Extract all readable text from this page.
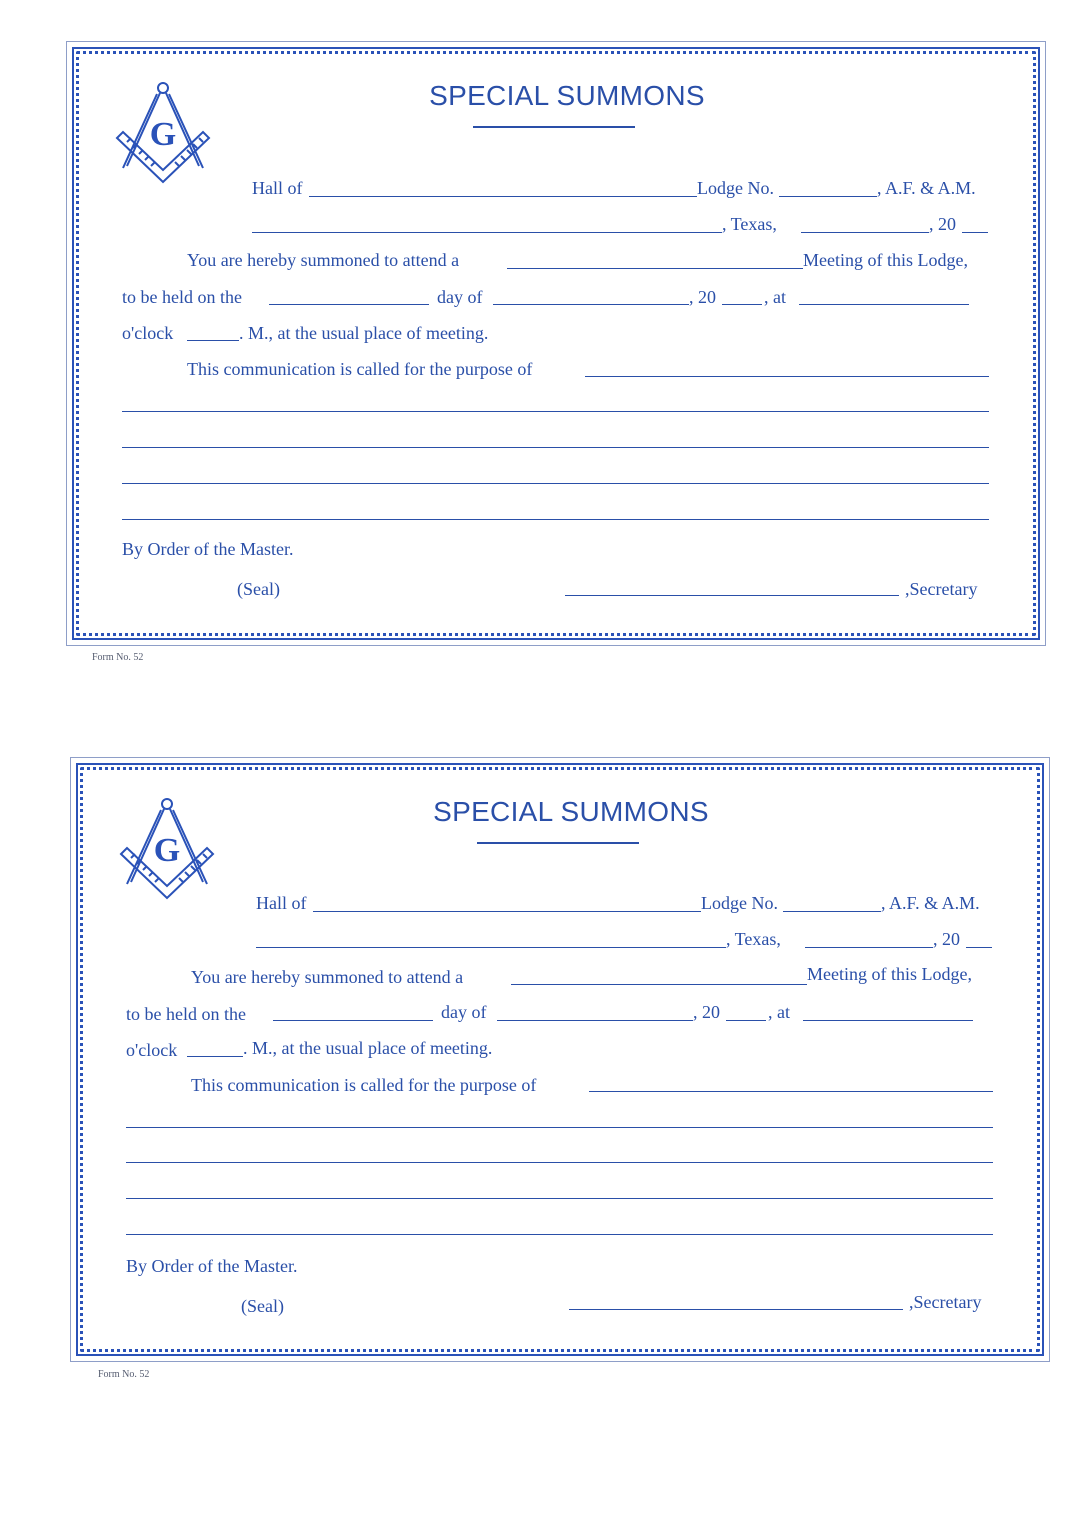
G
SPECIAL SUMMONS
Hall of	Lodge No.	, A.F. & A.M.
, Texas,	, 20
You are hereby summoned to attend a	Meeting of this Lodge,
to be held on the	day of	, 20	, at
o'clock	. M., at the usual place of meeting.
This communication is called for the purpose of
By Order of the Master.
(Seal)	,Secretary
Form No. 52
G
SPECIAL SUMMONS
Hall of	Lodge No.	, A.F. & A.M.
, Texas,	, 20
You are hereby summoned to attend a	Meeting of this Lodge,
to be held on the	day of	, 20	, at
o'clock	. M., at the usual place of meeting.
This communication is called for the purpose of
By Order of the Master.
(Seal)	,Secretary
Form No. 52
